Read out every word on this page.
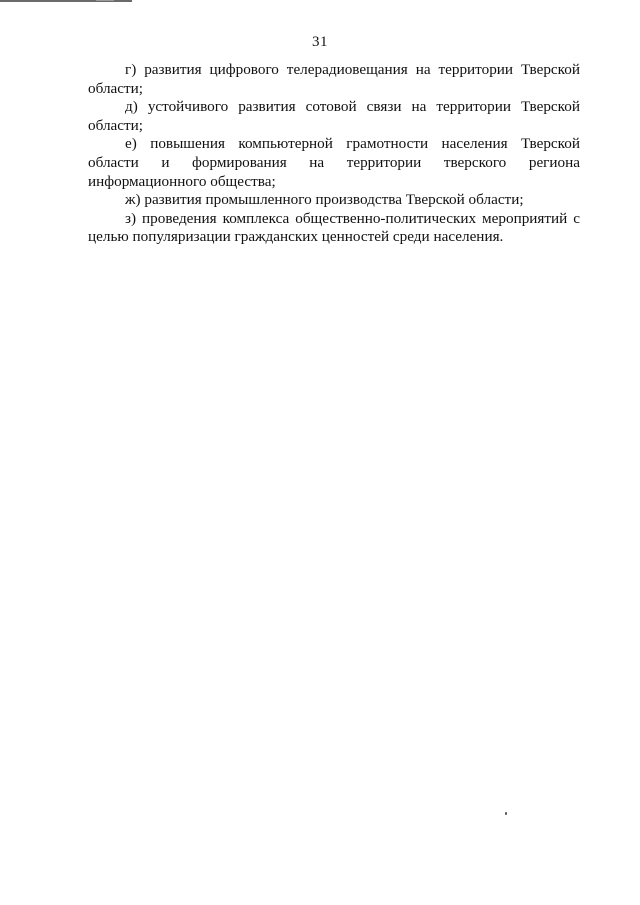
31

г) развития цифрового телерадиовещания на территории Тверской области;

д) устойчивого развития сотовой связи на территории Тверской области;

е) повышения компьютерной грамотности населения Тверской области и формирования на территории тверского региона информационного общества;

ж) развития промышленного производства Тверской области;

з) проведения комплекса общественно-политических мероприятий с целью популяризации гражданских ценностей среди населения.
